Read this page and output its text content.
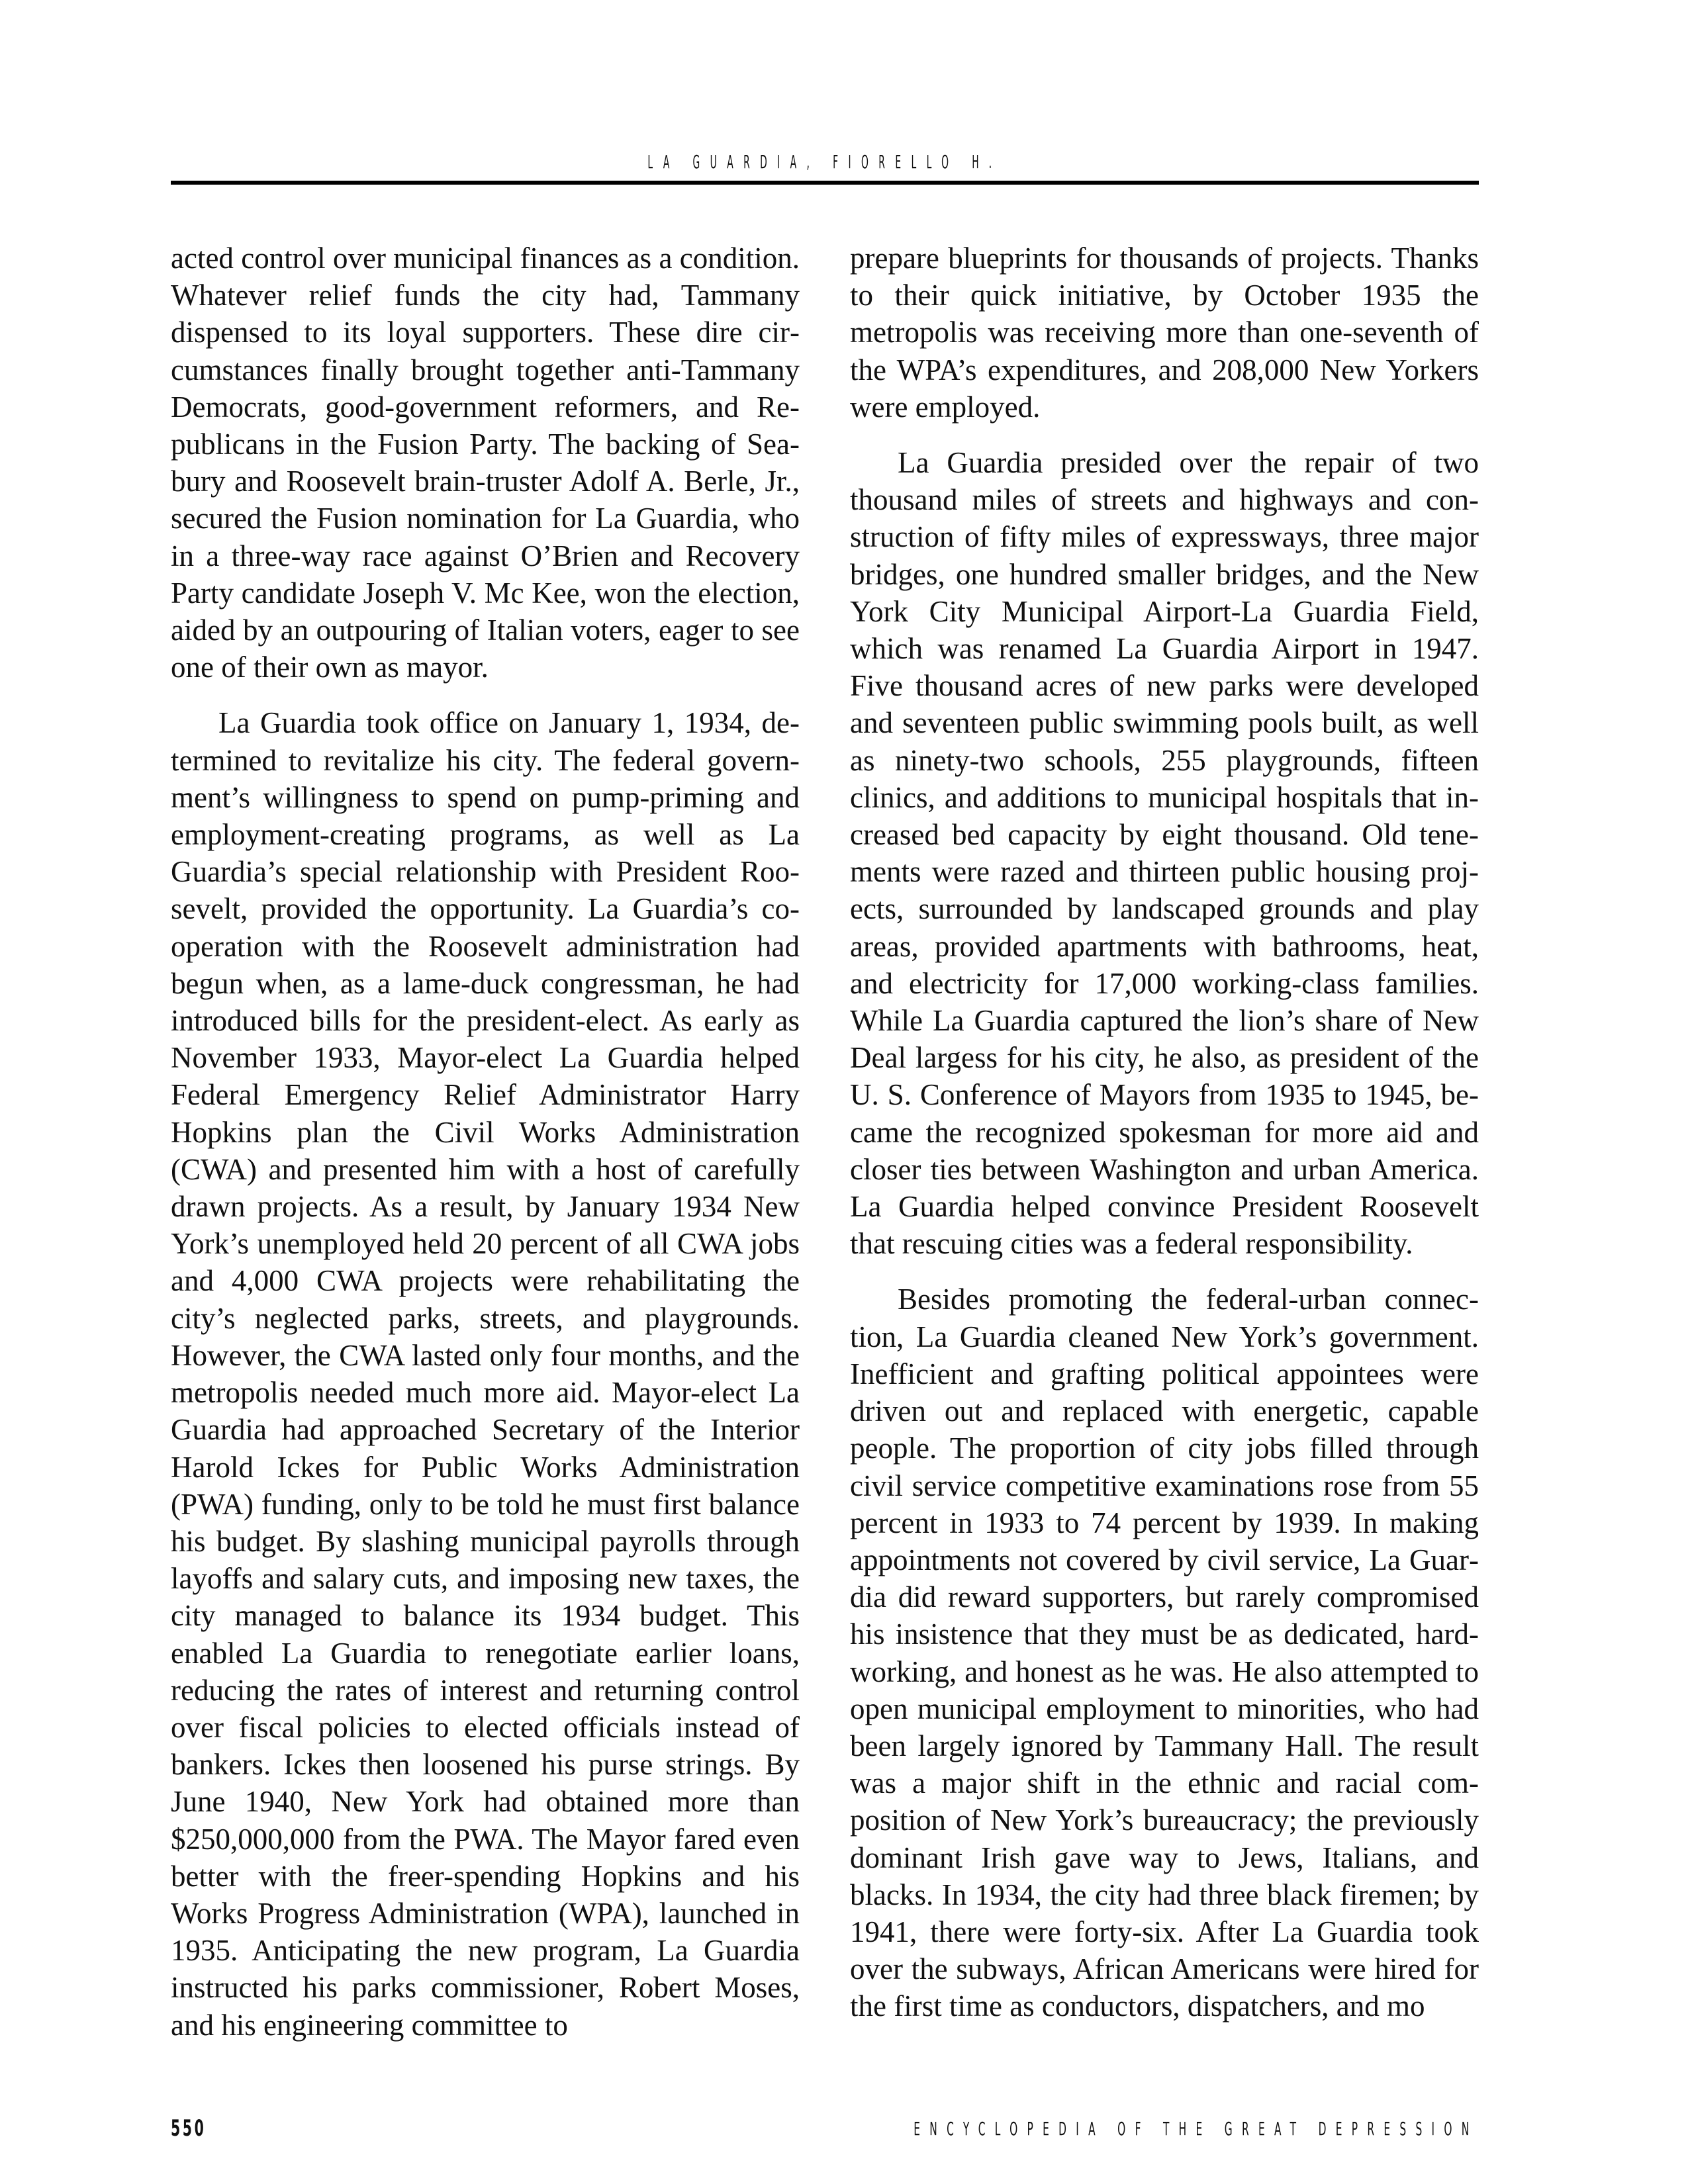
LA GUARDIA, FIORELLO H.

acted control over municipal finances as a condition. Whatever relief funds the city had, Tammany dispensed to its loyal supporters. These dire circumstances finally brought together anti-Tammany Democrats, good-government reformers, and Republicans in the Fusion Party. The backing of Seabury and Roosevelt brain-truster Adolf A. Berle, Jr., secured the Fusion nomination for La Guardia, who in a three-way race against O’Brien and Recovery Party candidate Joseph V. Mc Kee, won the election, aided by an outpouring of Italian voters, eager to see one of their own as mayor.

La Guardia took office on January 1, 1934, determined to revitalize his city. The federal government’s willingness to spend on pump-priming and employment-creating programs, as well as La Guardia’s special relationship with President Roosevelt, provided the opportunity. La Guardia’s cooperation with the Roosevelt administration had begun when, as a lame-duck congressman, he had introduced bills for the president-elect. As early as November 1933, Mayor-elect La Guardia helped Federal Emergency Relief Administrator Harry Hopkins plan the Civil Works Administration (CWA) and presented him with a host of carefully drawn projects. As a result, by January 1934 New York’s unemployed held 20 percent of all CWA jobs and 4,000 CWA projects were rehabilitating the city’s neglected parks, streets, and playgrounds. However, the CWA lasted only four months, and the metropolis needed much more aid. Mayor-elect La Guardia had approached Secretary of the Interior Harold Ickes for Public Works Administration (PWA) funding, only to be told he must first balance his budget. By slashing municipal payrolls through layoffs and salary cuts, and imposing new taxes, the city managed to balance its 1934 budget. This enabled La Guardia to renegotiate earlier loans, reducing the rates of interest and returning control over fiscal policies to elected officials instead of bankers. Ickes then loosened his purse strings. By June 1940, New York had obtained more than $250,000,000 from the PWA. The Mayor fared even better with the freer-spending Hopkins and his Works Progress Administration (WPA), launched in 1935. Anticipating the new program, La Guardia instructed his parks commissioner, Robert Moses, and his engineering committee to

prepare blueprints for thousands of projects. Thanks to their quick initiative, by October 1935 the metropolis was receiving more than one-seventh of the WPA’s expenditures, and 208,000 New Yorkers were employed.

La Guardia presided over the repair of two thousand miles of streets and highways and construction of fifty miles of expressways, three major bridges, one hundred smaller bridges, and the New York City Municipal Airport-La Guardia Field, which was renamed La Guardia Airport in 1947. Five thousand acres of new parks were developed and seventeen public swimming pools built, as well as ninety-two schools, 255 playgrounds, fifteen clinics, and additions to municipal hospitals that increased bed capacity by eight thousand. Old tenements were razed and thirteen public housing projects, surrounded by landscaped grounds and play areas, provided apartments with bathrooms, heat, and electricity for 17,000 working-class families. While La Guardia captured the lion’s share of New Deal largess for his city, he also, as president of the U. S. Conference of Mayors from 1935 to 1945, became the recognized spokesman for more aid and closer ties between Washington and urban America. La Guardia helped convince President Roosevelt that rescuing cities was a federal responsibility.

Besides promoting the federal-urban connection, La Guardia cleaned New York’s government. Inefficient and grafting political appointees were driven out and replaced with energetic, capable people. The proportion of city jobs filled through civil service competitive examinations rose from 55 percent in 1933 to 74 percent by 1939. In making appointments not covered by civil service, La Guardia did reward supporters, but rarely compromised his insistence that they must be as dedicated, hard-working, and honest as he was. He also attempted to open municipal employment to minorities, who had been largely ignored by Tammany Hall. The result was a major shift in the ethnic and racial composition of New York’s bureaucracy; the previously dominant Irish gave way to Jews, Italians, and blacks. In 1934, the city had three black firemen; by 1941, there were forty-six. After La Guardia took over the subways, African Americans were hired for the first time as conductors, dispatchers, and mo

550	ENCYCLOPEDIA OF THE GREAT DEPRESSION
